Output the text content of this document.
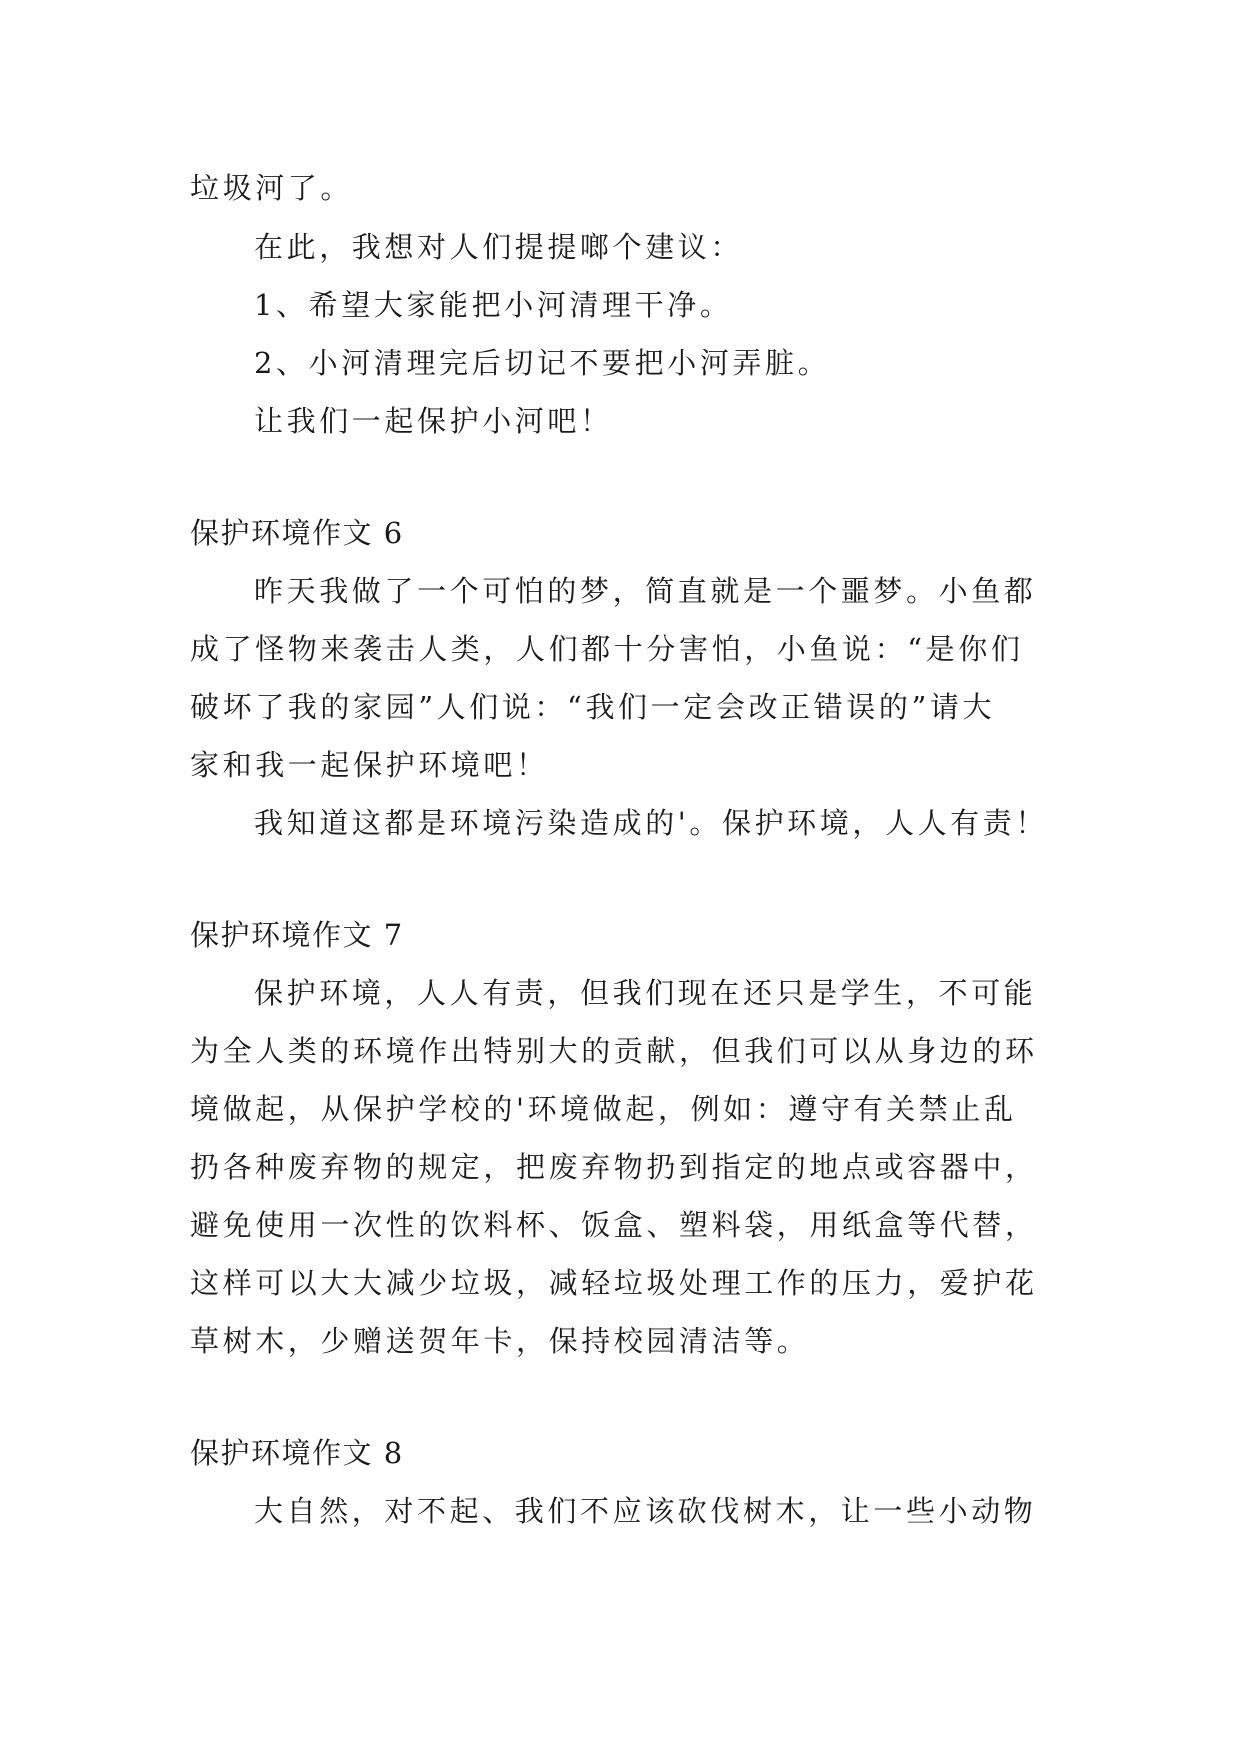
垃圾河了。
在此，我想对人们提提啷个建议：
1、希望大家能把小河清理干净。
2、小河清理完后切记不要把小河弄脏。
让我们一起保护小河吧！
保护环境作文 6
昨天我做了一个可怕的梦，简直就是一个噩梦。小鱼都
成了怪物来袭击人类，人们都十分害怕，小鱼说：“是你们
破坏了我的家园”人们说：“我们一定会改正错误的”请大
家和我一起保护环境吧！
我知道这都是环境污染造成的'。保护环境，人人有责！
保护环境作文 7
保护环境，人人有责，但我们现在还只是学生，不可能
为全人类的环境作出特别大的贡献，但我们可以从身边的环
境做起，从保护学校的'环境做起，例如：遵守有关禁止乱
扔各种废弃物的规定，把废弃物扔到指定的地点或容器中，
避免使用一次性的饮料杯、饭盒、塑料袋，用纸盒等代替，
这样可以大大减少垃圾，减轻垃圾处理工作的压力，爱护花
草树木，少赠送贺年卡，保持校园清洁等。
保护环境作文 8
大自然，对不起、我们不应该砍伐树木，让一些小动物
